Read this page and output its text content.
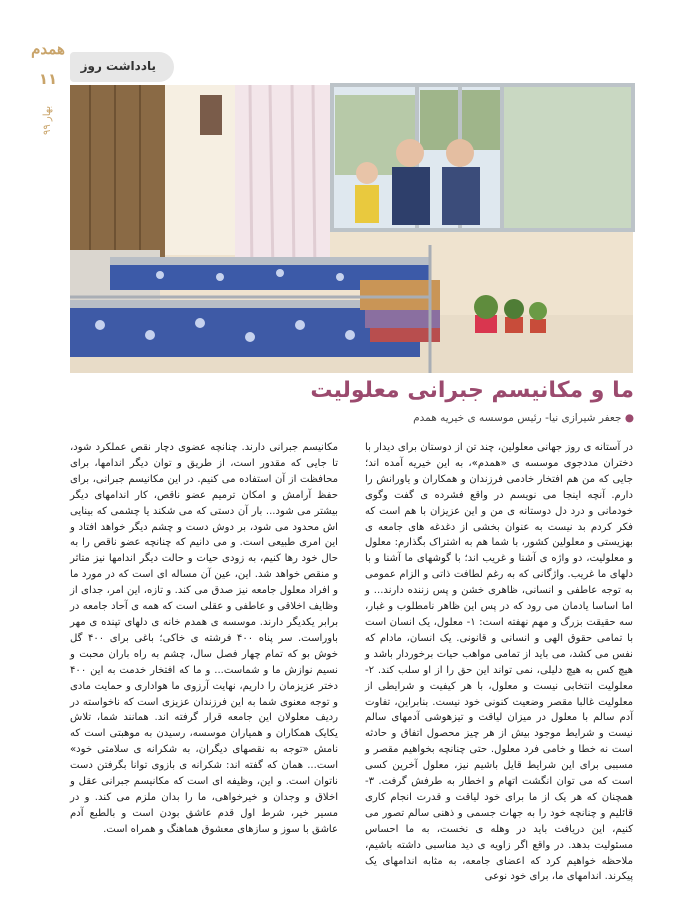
همدم
۱۱
بهار ۹۹
یادداشت روز
ما و مکانیسم جبرانی معلولیت
● جعفر شیرازی نیا- رئیس موسسه ی خیریه همدم

در آستانه ی روز جهانی معلولین، چند تن از دوستان برای دیدار با دختران مددجوی موسسه ی «همدم»، به این خیریه آمده اند؛ جایی که من هم افتخار خادمی فرزندان و همکاران و یاورانش را دارم. آنچه اینجا می نویسم در واقع فشرده ی گفت وگوی خودمانی و درد دل دوستانه ی من و این عزیزان با هم است که فکر کردم بد نیست به عنوان بخشی از دغدغه های جامعه ی بهزیستی و معلولین کشور، با شما هم به اشتراک بگذارم: معلول و معلولیت، دو واژه ی آشنا و غریب اند؛ با گوشهای ما آشنا و با دلهای ما غریب. واژگانی که به رغم لطافت ذاتی و الزام عمومی به توجه عاطفی و انسانی، ظاهری خشن و پس زننده دارند... و اما اساسا یادمان می رود که در پس این ظاهر نامطلوب و غبار، سه حقیقت بزرگ و مهم نهفته است: ۱- معلول، یک انسان است با تمامی حقوق الهی و انسانی و قانونی. یک انسان، مادام که نفس می کشد، می باید از تمامی مواهب حیات برخوردار باشد و هیچ کس به هیچ دلیلی، نمی تواند این حق را از او سلب کند. ۲- معلولیت انتخابی نیست و معلول، با هر کیفیت و شرایطی از معلولیت غالبا مقصر وضعیت کنونی خود نیست. بنابراین، تفاوت آدم سالم با معلول در میزان لیاقت و تیزهوشی آدمهای سالم نیست و شرایط موجود بیش از هر چیز محصول اتفاق و حادثه است نه خطا و خامی فرد معلول. حتی چنانچه بخواهیم مقصر و مسببی برای این شرایط قایل باشیم نیز، معلول آخرین کسی است که می توان انگشت اتهام و اخطار به طرفش گرفت. ۳- همچنان که هر یک از ما برای خود لیاقت و قدرت انجام کاری قائلیم و چنانچه خود را به جهات جسمی و ذهنی سالم تصور می کنیم، این دریافت باید در وهله ی نخست، به ما احساس مسئولیت بدهد. در واقع اگر زاویه ی دید مناسبی داشته باشیم، ملاحظه خواهیم کرد که اعضای جامعه، به مثابه اندامهای یک پیکرند. اندامهای ما، برای خود نوعی

مکانیسم جبرانی دارند. چنانچه عضوی دچار نقص عملکرد شود، تا جایی که مقدور است، از طریق و توان دیگر اندامها، برای محافظت از آن استفاده می کنیم. در این مکانیسم جبرانی، برای حفظ آرامش و امکان ترمیم عضو ناقص، کار اندامهای دیگر بیشتر می شود... بار آن دستی که می شکند یا چشمی که بینایی اش محدود می شود، بر دوش دست و چشم دیگر خواهد افتاد و این امری طبیعی است. و می دانیم که چنانچه عضو ناقص را به حال خود رها کنیم، به زودی حیات و حالت دیگر اندامها نیز متاثر و منقص خواهد شد. این، عین آن مساله ای است که در مورد ما و افراد معلول جامعه نیز صدق می کند. و تازه، این امر، جدای از وظایف اخلاقی و عاطفی و عقلی است که همه ی آحاد جامعه در برابر یکدیگر دارند. موسسه ی همدم خانه ی دلهای تپنده ی مهر باوراست. سر پناه ۴۰۰ فرشته ی خاکی؛ باغی برای ۴۰۰ گل خوش بو که تمام چهار فصل سال، چشم به راه باران محبت و نسیم نوازش ما و شماست... و ما که افتخار خدمت به این ۴۰۰ دختر عزیزمان را داریم، نهایت آرزوی ما هواداری و حمایت مادی و توجه معنوی شما به این فرزندان عزیزی است که ناخواسته در ردیف معلولان این جامعه قرار گرفته اند. همانند شما، تلاش یکایک همکاران و همیاران موسسه، رسیدن به موهبتی است که نامش «توجه به نقصهای دیگران، به شکرانه ی سلامتی خود» است... همان که گفته اند: شکرانه ی بازوی توانا بگرفتن دست ناتوان است. و این، وظیفه ای است که مکانیسم جبرانی عقل و اخلاق و وجدان و خیرخواهی، ما را بدان ملزم می کند. و در مسیر خیر، شرط اول قدم عاشق بودن است و بالطبع آدم عاشق با سوز و سازهای معشوق هماهنگ و همراه است.
